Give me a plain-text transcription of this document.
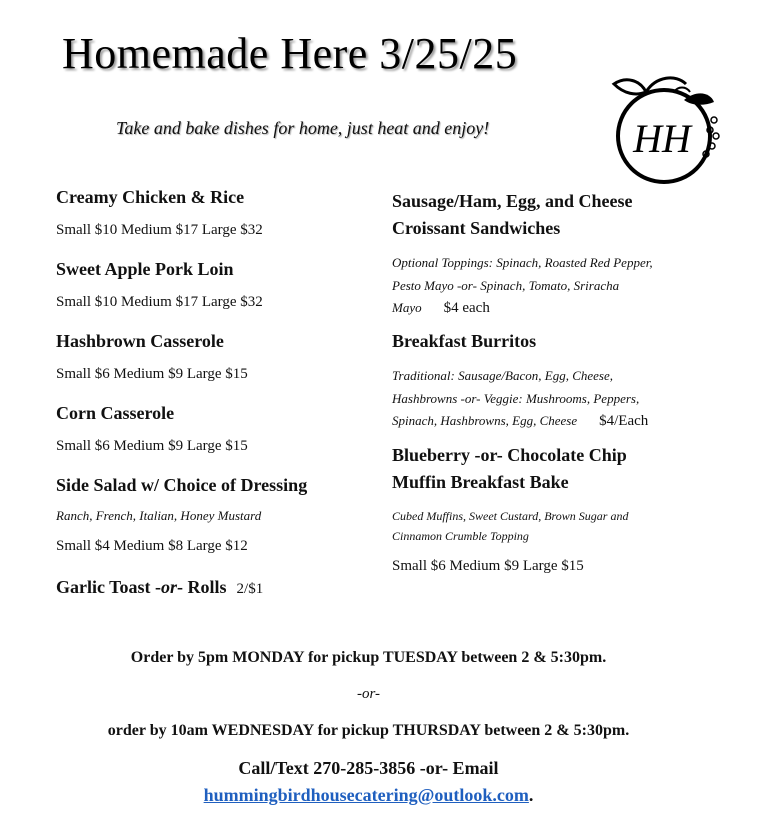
Homemade Here 3/25/25
Take and bake dishes for home, just heat and enjoy!	HH

Creamy Chicken & Rice

Small $10 Medium $17 Large $32

Sweet Apple Pork Loin

Small $10 Medium $17 Large $32

Hashbrown Casserole

Small $6 Medium $9 Large $15

Corn Casserole

Small $6 Medium $9 Large $15

Side Salad w/ Choice of Dressing

Ranch, French, Italian, Honey Mustard

Small $4 Medium $8 Large $12

Garlic Toast -or- Rolls 2/$1

Sausage/Ham, Egg, and Cheese

Croissant Sandwiches

Optional Toppings: Spinach, Roasted Red Pepper, Pesto Mayo -or- Spinach, Tomato, Sriracha Mayo $4 each

Breakfast Burritos

Traditional: Sausage/Bacon, Egg, Cheese, Hashbrowns -or- Veggie: Mushrooms, Peppers, Spinach, Hashbrowns, Egg, Cheese $4/Each

Blueberry -or- Chocolate Chip

Muffin Breakfast Bake

Cubed Muffins, Sweet Custard, Brown Sugar and Cinnamon Crumble Topping

Small $6 Medium $9 Large $15

Order by 5pm MONDAY for pickup TUESDAY between 2 & 5:30pm.
-or-
order by 10am WEDNESDAY for pickup THURSDAY between 2 & 5:30pm.
Call/Text 270-285-3856 -or- Email
hummingbirdhousecatering@outlook.com.
